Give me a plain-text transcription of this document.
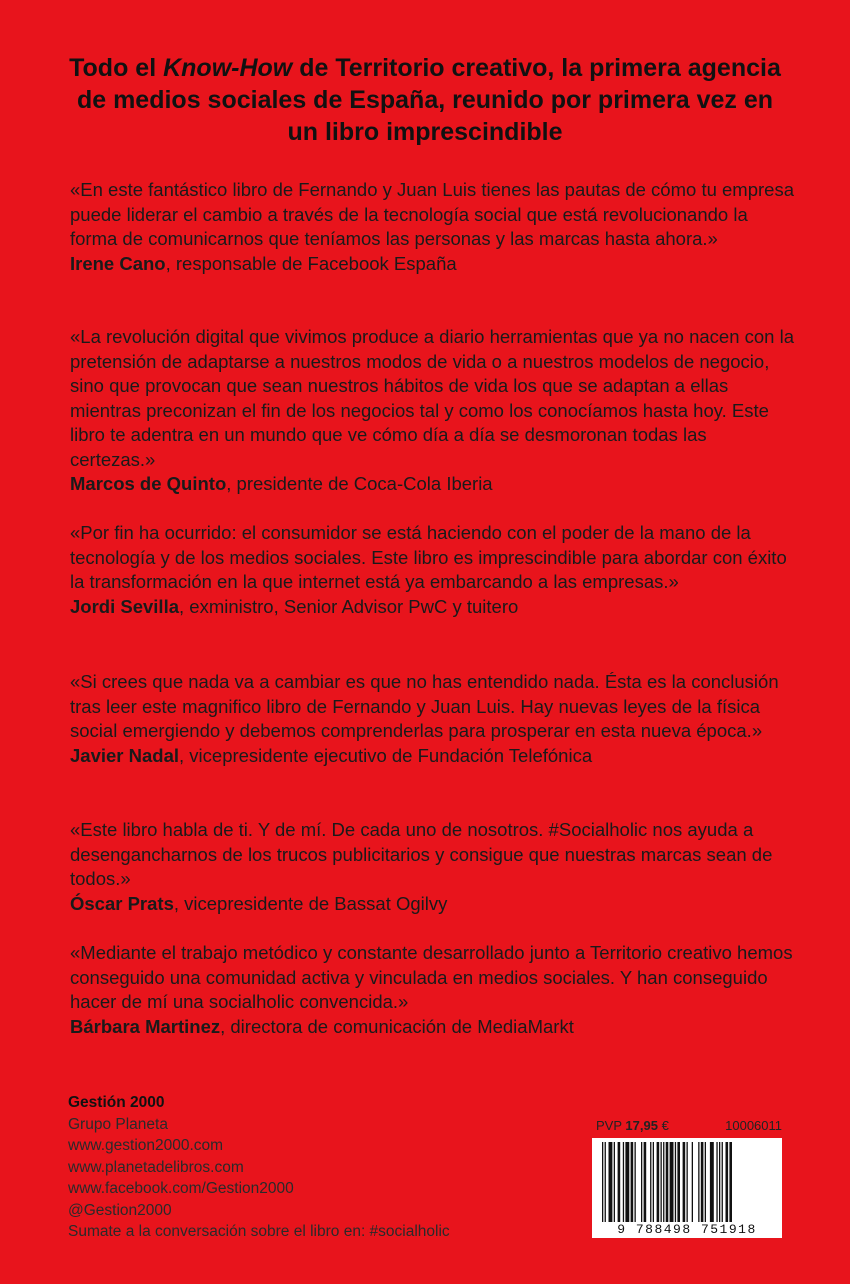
Todo el Know-How de Territorio creativo, la primera agencia de medios sociales de España, reunido por primera vez en un libro imprescindible
«En este fantástico libro de Fernando y Juan Luis tienes las pautas de cómo tu empresa puede liderar el cambio a través de la tecnología social que está revolucionando la forma de comunicarnos que teníamos las personas y las marcas hasta ahora.»
Irene Cano, responsable de Facebook España
«La revolución digital que vivimos produce a diario herramientas que ya no nacen con la pretensión de adaptarse a nuestros modos de vida o a nuestros modelos de negocio, sino que provocan que sean nuestros hábitos de vida los que se adaptan a ellas mientras preconizan el fin de los negocios tal y como los conocíamos hasta hoy. Este libro te adentra en un mundo que ve cómo día a día se desmoronan todas las certezas.»
Marcos de Quinto, presidente de Coca-Cola Iberia
«Por fin ha ocurrido: el consumidor se está haciendo con el poder de la mano de la tecnología y de los medios sociales. Este libro es imprescindible para abordar con éxito la transformación en la que internet está ya embarcando a las empresas.»
Jordi Sevilla, exministro, Senior Advisor PwC y tuitero
«Si crees que nada va a cambiar es que no has entendido nada. Ésta es la conclusión tras leer este magnifico libro de Fernando y Juan Luis. Hay nuevas leyes de la física social emergiendo y debemos comprenderlas para prosperar en esta nueva época.»
Javier Nadal, vicepresidente ejecutivo de Fundación Telefónica
«Este libro habla de ti. Y de mí. De cada uno de nosotros. #Socialholic nos ayuda a desengancharnos de los trucos publicitarios y consigue que nuestras marcas sean de todos.»
Óscar Prats, vicepresidente de Bassat Ogilvy
«Mediante el trabajo metódico y constante desarrollado junto a Territorio creativo hemos conseguido una comunidad activa y vinculada en medios sociales. Y han conseguido hacer de mí una socialholic convencida.»
Bárbara Martinez, directora de comunicación de MediaMarkt
Gestión 2000
Grupo Planeta
www.gestion2000.com
www.planetadelibros.com
www.facebook.com/Gestion2000
@Gestion2000
Sumate a la conversación sobre el libro en: #socialholic
PVP 17,95 €	10006011
9 788498 751918
